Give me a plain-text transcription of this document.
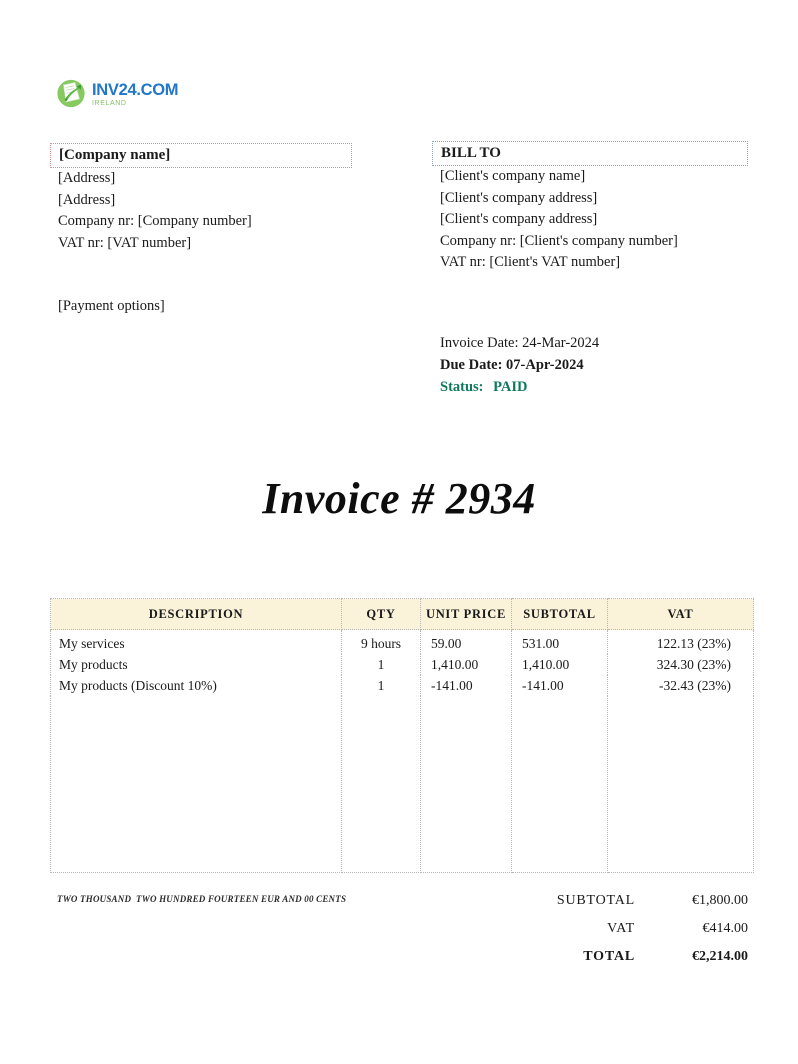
INV24.COM
IRELAND
[Company name]
[Address]
[Address]
Company nr: [Company number]
VAT nr: [VAT number]
[Payment options]
BILL TO
[Client's company name]
[Client's company address]
[Client's company address]
Company nr: [Client's company number]
VAT nr: [Client's VAT number]
Invoice Date: 24-Mar-2024
Due Date: 07-Apr-2024
Status: PAID
Invoice # 2934
DESCRIPTION	QTY	UNIT PRICE	SUBTOTAL	VAT
My services	9 hours	59.00	531.00	122.13 (23%)
My products	1	1,410.00	1,410.00	324.30 (23%)
My products (Discount 10%)	1	-141.00	-141.00	-32.43 (23%)

TWO THOUSAND  TWO HUNDRED FOURTEEN EUR AND 00 CENTS	SUBTOTAL	€1,800.00
VAT	€414.00
TOTAL	€2,214.00
